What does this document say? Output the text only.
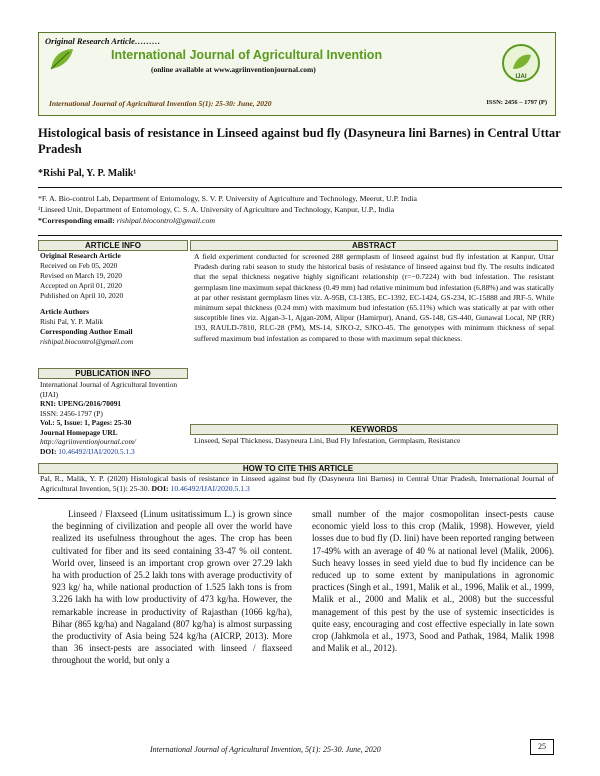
Original Research Article………
International Journal of Agricultural Invention
(online available at www.agriinventionjournal.com)
International Journal of Agricultural Invention 5(1): 25-30: June, 2020	ISSN: 2456 – 1797 (P)
IJAI
Histological basis of resistance in Linseed against bud fly (Dasyneura lini Barnes) in Central Uttar Pradesh
*Rishi Pal, Y. P. Malik¹
*F. A. Bio-control Lab, Department of Entomology, S. V. P. University of Agriculture and Technology, Meerut, U.P. India
¹Linseed Unit, Department of Entomology, C. S. A. University of Agriculture and Technology, Kanpur, U.P., India
*Corresponding email: rishipal.biocontrol@gmail.com
ARTICLE INFO
Original Research Article
Received on Feb 05, 2020
Revised on March 19, 2020
Accepted on April 01, 2020
Published on April 10, 2020
Article Authors
Rishi Pal, Y. P. Malik
Corresponding Author Email
rishipal.biocontrol@gmail.com
PUBLICATION INFO
International Journal of Agricultural Invention (IJAI)
RNI: UPENG/2016/70091
ISSN: 2456-1797 (P)
Vol.: 5, Issue: 1, Pages: 25-30
Journal Homepage URL
http://agriinventionjournal.com/
DOI: 10.46492/IJAI/2020.5.1.3
ABSTRACT
A field experiment conducted for screened 288 germplasm of linseed against bud fly infestation at Kanpur, Uttar Pradesh during rabi season to study the historical basis of resistance of linseed against bud fly. The results indicated that the sepal thickness negative highly significant relationship (r=−0.7224) with bud infestation. The resistant germplasm line maximum sepal thickness (0.49 mm) had relative minimum bud infestation (6.88%) and was statically at par other resistant germplasm lines viz. A-95B, CI-1385, EC-1392, EC-1424, GS-234, IC-15888 and JRF-5. While minimum sepal thickness (0.24 mm) with maximum bud infestation (65.11%) which was statically at par with other susceptible lines viz. Ajgan-3-1, Ajgan-20M, Alipur (Hamirpur), Anand, GS-148, GS-440, Gunawal Local, NP (RR) 193, RAULD-7810, RLC-28 (PM), MS-14, SJKO-2, SJKO-45. The genotypes with minimum thickness of sepal suffered maximum bud infestation as compared to those with maximum sepal thickness.
KEYWORDS
Linseed, Sepal Thickness, Dasyneura Lini, Bud Fly Infestation, Germplasm, Resistance
HOW TO CITE THIS ARTICLE
Pal, R., Malik, Y. P. (2020) Histological basis of resistance in Linseed against bud fly (Dasyneura lini Barnes) in Central Uttar Pradesh, International Journal of Agricultural Invention, 5(1): 25-30. DOI: 10.46492/IJAI/2020.5.1.3
Linseed / Flaxseed (Linum usitatissimum L.) is grown since the beginning of civilization and people all over the world have realized its usefulness throughout the ages. The crop has been cultivated for fiber and its seed containing 33-47 % oil content. World over, linseed is an important crop grown over 27.29 lakh ha with production of 25.2 lakh tons with average productivity of 923 kg/ ha, while national production of 1.525 lakh tons is from 3.226 lakh ha with low productivity of 473 kg/ha. However, the remarkable increase in productivity of Rajasthan (1066 kg/ha), Bihar (865 kg/ha) and Nagaland (807 kg/ha) is almost surpassing the productivity of Asia being 524 kg/ha (AICRP, 2013). More than 36 insect-pests are associated with linseed / flaxseed throughout the world, but only a
small number of the major cosmopolitan insect-pests cause economic yield loss to this crop (Malik, 1998). However, yield losses due to bud fly (D. lini) have been reported ranging between 17-49% with an average of 40 % at national level (Malik, 2006). Such heavy losses in seed yield due to bud fly incidence can be reduced up to some extent by manipulations in agronomic practices (Singh et al., 1991, Malik et al., 1996, Malik et al., 1999, Malik et al., 2000 and Malik et al., 2008) but the successful management of this pest by the use of systemic insecticides is quite easy, encouraging and cost effective especially in late sown crop (Jahkmola et al., 1973, Sood and Pathak, 1984, Malik 1998 and Malik et al., 2012).
International Journal of Agricultural Invention, 5(1): 25-30. June, 2020	25
